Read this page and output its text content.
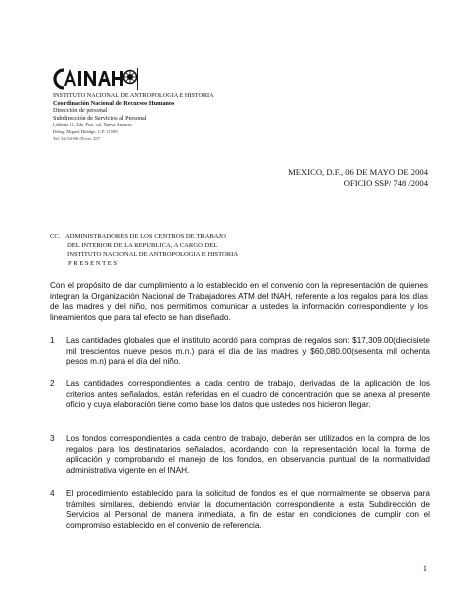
INSTITUTO NACIONAL DE ANTROPOLOGIA E HISTORIA
Coordinación Nacional de Recursos Humanos
Dirección de personal
Subdirección de Servicios al Personal
Leibnitz 11, 2do. Piso, col. Nueva Anzures
Deleg. Miguel Hidalgo, C.P. 11590
Tel. 52-54-06-35 ext. 257
MEXICO, D.F., 06 DE MAYO DE 2004
OFICIO SSP/ 748 /2004
CC. ADMINISTRADORES DE LOS CENTROS DE TRABAJO
DEL INTERIOR DE LA REPUBLICA, A CARGO DEL
INSTITUTO NACIONAL DE ANTROPOLOGIA E HISTORIA
PRESENTES
Con el propósito de dar cumplimiento a lo establecido en el convenio con la representación de quienes integran la Organización Nacional de Trabajadores ATM del INAH, referente a los regalos para los días de las madres y del niño, nos permitimos comunicar a ustedes la información correspondiente y los lineamientos que para tal efecto se han diseñado.
1 Las cantidades globales que el instituto acordó para compras de regalos son: $17,309.00(diecisiete mil trescientos nueve pesos m.n.) para el día de las madres y $60,080.00(sesenta mil ochenta pesos m.n) para el día del niño.
2 Las cantidades correspondientes a cada centro de trabajo, derivadas de la aplicación de los criterios antes señalados, están referidas en el cuadro de concentración que se anexa al presente oficio y cuya elaboración tiene como base los datos que ustedes nos hicieron llegar.
3 Los fondos correspondientes a cada centro de trabajo, deberán ser utilizados en la compra de los regalos para los destinatarios señalados, acordando con la representación local la forma de aplicación y comprobando el manejo de los fondos, en observancia puntual de la normatividad administrativa vigente en el INAH.
4 El procedimiento establecido para la solicitud de fondos es el que normalmente se observa para trámites similares, debiendo enviar la documentación correspondiente a esta Subdirección de Servicios al Personal de manera inmediata, a fin de estar en condiciones de cumplir con el compromiso establecido en el convenio de referencia.
1
